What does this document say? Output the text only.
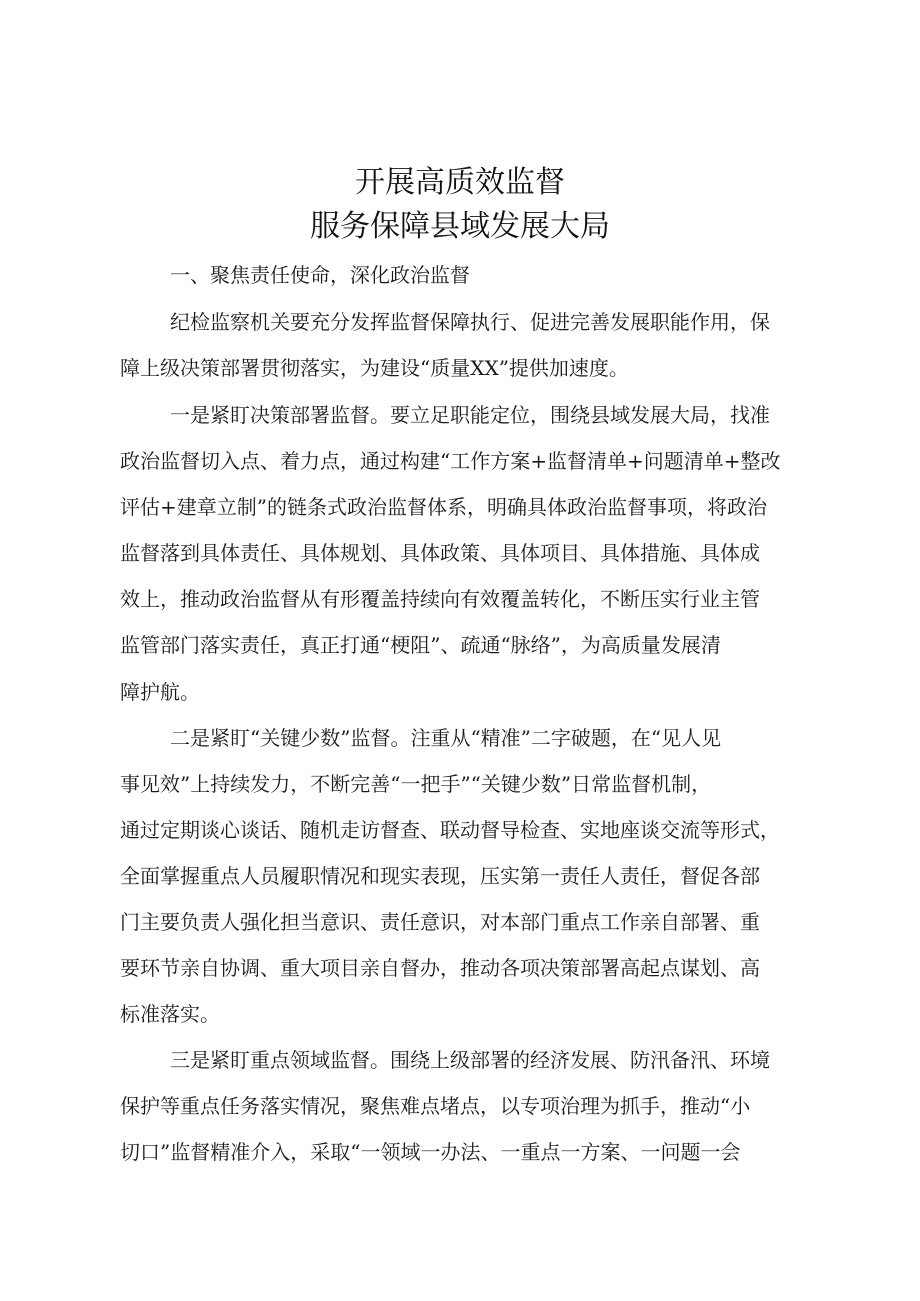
开展高质效监督
服务保障县域发展大局

一、聚焦责任使命，深化政治监督

纪检监察机关要充分发挥监督保障执行、促进完善发展职能作用，保

障上级决策部署贯彻落实，为建设“质量XX”提供加速度。

一是紧盯决策部署监督。要立足职能定位，围绕县域发展大局，找准

政治监督切入点、着力点，通过构建“工作方案+监督清单+问题清单+整改

评估+建章立制”的链条式政治监督体系，明确具体政治监督事项，将政治

监督落到具体责任、具体规划、具体政策、具体项目、具体措施、具体成

效上，推动政治监督从有形覆盖持续向有效覆盖转化，不断压实行业主管

监管部门落实责任，真正打通“梗阻”、疏通“脉络”，为高质量发展清

障护航。

二是紧盯“关键少数”监督。注重从“精准”二字破题，在“见人见

事见效”上持续发力，不断完善“一把手”“关键少数”日常监督机制，

通过定期谈心谈话、随机走访督查、联动督导检查、实地座谈交流等形式，

全面掌握重点人员履职情况和现实表现，压实第一责任人责任，督促各部

门主要负责人强化担当意识、责任意识，对本部门重点工作亲自部署、重

要环节亲自协调、重大项目亲自督办，推动各项决策部署高起点谋划、高

标准落实。

三是紧盯重点领域监督。围绕上级部署的经济发展、防汛备汛、环境

保护等重点任务落实情况，聚焦难点堵点，以专项治理为抓手，推动“小

切口”监督精准介入，采取“一领域一办法、一重点一方案、一问题一会
